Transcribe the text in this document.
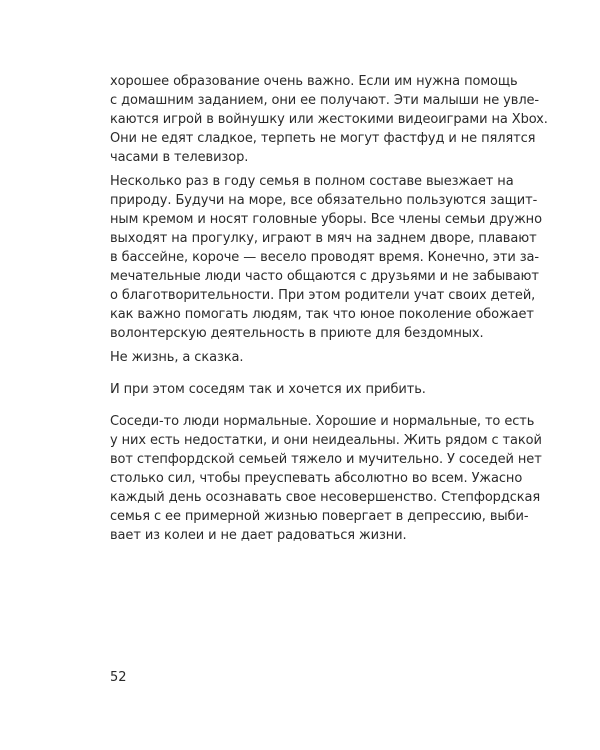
хорошее образование очень важно. Если им нужна помощь
с домашним заданием, они ее получают. Эти малыши не увле-
каются игрой в войнушку или жестокими видеоиграми на Xbox.
Они не едят сладкое, терпеть не могут фастфуд и не пялятся
часами в телевизор.
Несколько раз в году семья в полном составе выезжает на
природу. Будучи на море, все обязательно пользуются защит-
ным кремом и носят головные уборы. Все члены семьи дружно
выходят на прогулку, играют в мяч на заднем дворе, плавают
в бассейне, короче — весело проводят время. Конечно, эти за-
мечательные люди часто общаются с друзьями и не забывают
о благотворительности. При этом родители учат своих детей,
как важно помогать людям, так что юное поколение обожает
волонтерскую деятельность в приюте для бездомных.
Не жизнь, а сказка.
И при этом соседям так и хочется их прибить.
Соседи-то люди нормальные. Хорошие и нормальные, то есть
у них есть недостатки, и они неидеальны. Жить рядом с такой
вот степфордской семьей тяжело и мучительно. У соседей нет
столько сил, чтобы преуспевать абсолютно во всем. Ужасно
каждый день осознавать свое несовершенство. Степфордская
семья с ее примерной жизнью повергает в депрессию, выби-
вает из колеи и не дает радоваться жизни.
52
